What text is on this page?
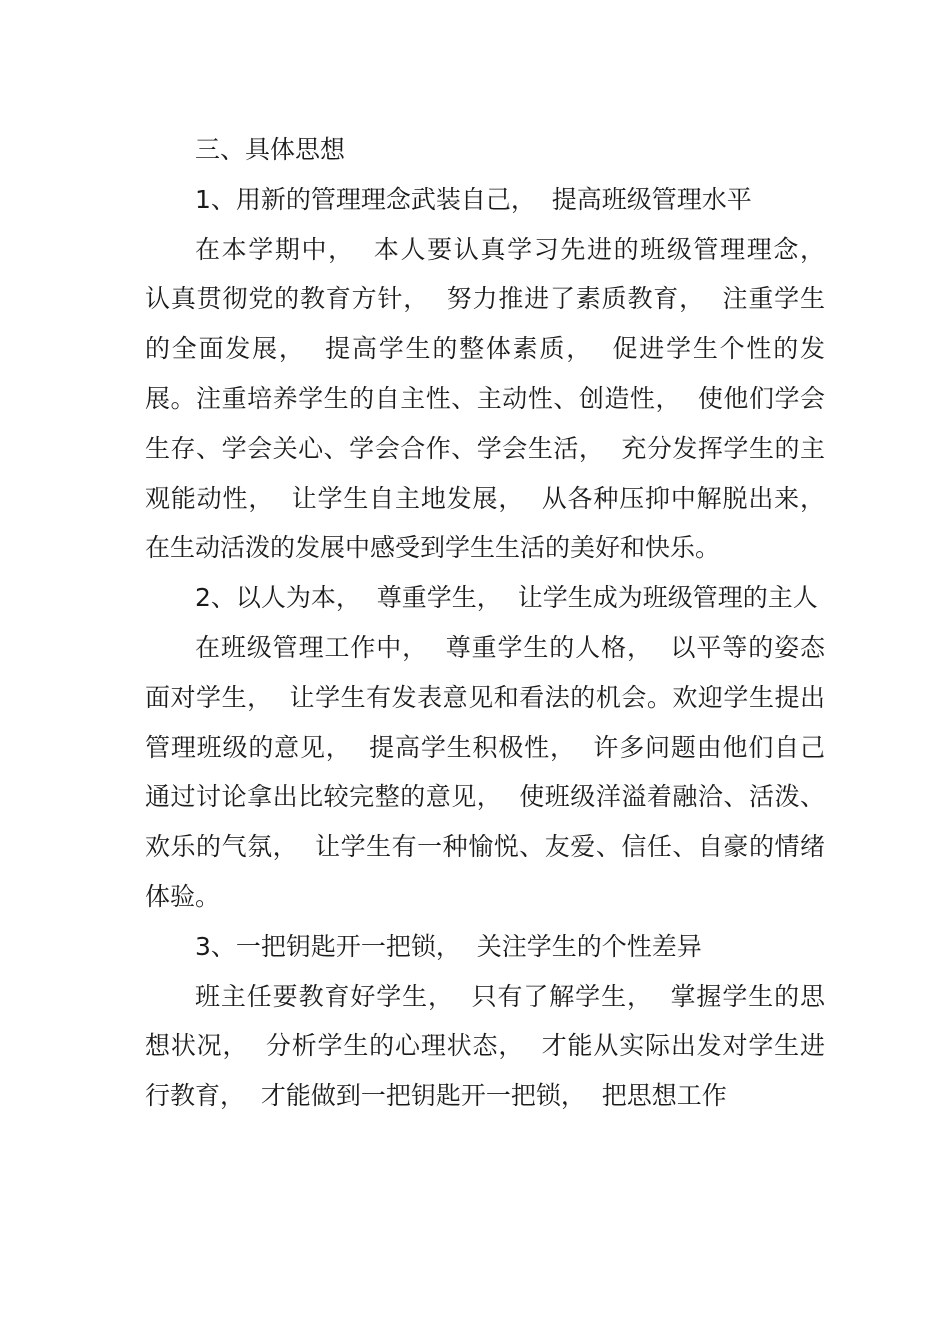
三、具体思想

1、用新的管理理念武装自己，  提高班级管理水平

在本学期中，  本人要认真学习先进的班级管理理念，  认真贯彻党的教育方针，  努力推进了素质教育，  注重学生的全面发展，  提高学生的整体素质，  促进学生个性的发展。注重培养学生的自主性、主动性、创造性，  使他们学会生存、学会关心、学会合作、学会生活，  充分发挥学生的主观能动性，  让学生自主地发展，  从各种压抑中解脱出来，  在生动活泼的发展中感受到学生生活的美好和快乐。

2、以人为本，  尊重学生，  让学生成为班级管理的主人

在班级管理工作中，  尊重学生的人格，  以平等的姿态面对学生，  让学生有发表意见和看法的机会。欢迎学生提出管理班级的意见，  提高学生积极性，  许多问题由他们自己通过讨论拿出比较完整的意见，  使班级洋溢着融洽、活泼、欢乐的气氛，  让学生有一种愉悦、友爱、信任、自豪的情绪体验。

3、一把钥匙开一把锁，  关注学生的个性差异

班主任要教育好学生，  只有了解学生，  掌握学生的思想状况，  分析学生的心理状态，  才能从实际出发对学生进行教育，  才能做到一把钥匙开一把锁，  把思想工作
